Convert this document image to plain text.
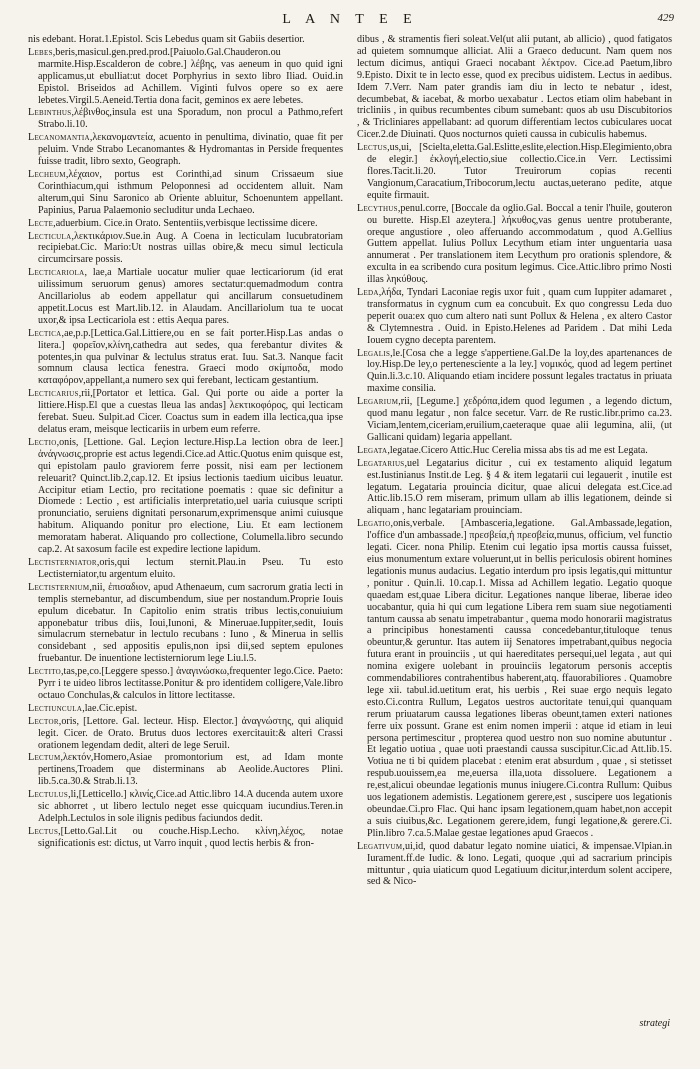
L A N T E E	429

nis edebant. Horat.1.Epistol. Scis Lebedus quam sit Gabiis desertior.

Lebes,beris,masicul.gen.pred.prod.[Paiuolo.Gal.Chauderon.ou marmite.Hisp.Escalderon de cobre.] λέβης, vas aeneum in quo quid igni applicamus,ut ebulliat:ut docet Porphyrius in sexto libro Iliad. Ouid.in Epistol. Briseidos ad Achillem. Viginti fulvos opere so ex aere lebetes.Virgil.5.Aeneid.Tertia dona facit, geminos ex aere lebetes.

Lebinthus,λέβινθος,insula est una Sporadum, non procul a Pathmo,refert Strabo.li.10.

Lecanomantia,λεκανομαντεία, acuento in penultima, divinatio, quae fit per peluim. Vnde Strabo Lecanomantes & Hydromantas in Perside frequentes fuisse tradit, libro sexto, Geograph.

Lecheum,λέχαιον, portus est Corinthi,ad sinum Crissaeum siue Corinthiacum,qui isthmum Peloponnesi ad occidentem alluit. Nam alterum,qui Sinu Saronico ab Oriente abluitur, Schoenuntem appellant. Papinius, Parua Palaemonio secluditur unda Lechaeo.

Lecte,aduerbium. Cice.in Orato. Sententiis,verbisque lectissime dicere.

Lecticula,λεκτικάριον.Sue.in Aug. A Coena in lecticulam lucubratoriam recipiebat.Cic. Mario:Ut nostras uillas obire,& mecu simul lecticula circumcirsare possis.

Lecticariola, lae,a Martiale uocatur mulier quae lecticariorum (id erat uilissimum seruorum genus) amores sectatur:quemadmodum contra Ancillariolus ab eodem appellatur qui ancillarum consuetudinem appetit.Locus est Mart.lib.12. in Alaudam. Ancillariolum tua te uocat uxor,& ipsa Lecticariola est : ettis Aequa pares.

Lectica,ae,p.p.[Lettica.Gal.Littiere,ou en se fait porter.Hisp.Las andas o litera.] φορεῖον,κλίνη,cathedra aut sedes, qua ferebantur divites & potentes,in qua pulvinar & lectulus stratus erat. Iuu. Sat.3. Nanque facit somnum clausa lectica fenestra. Graeci modo σκίμποδα, modo καταφόρον,appellant,a numero sex qui ferebant, lecticam gestantium.

Lecticarius,rii,[Portator et lettica. Gal. Qui porte ou aide a porter la littiere.Hisp.El que a cuestas lleua las andas] λεκτικοφόρος, qui lecticam ferebat. Sueu. Sulpit.ad Cicer. Coactus sum in eadem illa lectica,qua ipse delatus eram, meisque lecticariis in urbem eum referre.

Lectio,onis, [Lettione. Gal. Leçion lecture.Hisp.La lection obra de leer.] ἀνάγνωσις,proprie est actus legendi.Cice.ad Attic.Quotus enim quisque est, qui epistolam paulo graviorem ferre possit, nisi eam per lectionem releuarit? Quinct.lib.2,cap.12. Et ipsius lectionis taedium uicibus leuatur. Accipitur etiam Lectio, pro recitatione poematis : quae sic definitur a Diomede : Lectio , est artificialis interpretatio,uel uaria cuiusque scripti pronunciatio, seruiens dignitati personarum,exprimensque animi cuiusque habitum. Aliquando ponitur pro electione, Liu. Et eam lectionem memoratam haberat. Aliquando pro collectione, Columella.libro secundo cap.2. At saxosum facile est expedire lectione lapidum.

Lectisterniator,oris,qui lectum sternit.Plau.in Pseu. Tu esto Lectisterniator,tu argentum eluito.

Lectisternium,nii, ἐπισαδιον, apud Athenaeum, cum sacrorum gratia lecti in templis sternebantur, ad discumbendum, siue per nostandum.Proprie Iouis epulum dicebatur. In Capitolio enim stratis tribus lectis,conuiuium apponebatur tribus diis, Ioui,Iunoni, & Mineruae.Iuppiter,sedit, Iouis simulacrum sternebatur in lectulo recubans : Iuno , & Minerua in sellis considebant , sed appositis epulis,non ipsi dii,sed septem epulones fruebantur. De inuentione lectisterniorum lege Liu.l.5.

Lectito,tas,pe,co.[Leggere spesso.] ἀναγινώσκω,frequenter lego.Cice. Paeto: Pyrr i te uideo libros lectitasse.Ponitur & pro identidem colligere,Vale.libro octauo Conchulas,& calculos in littore lectitasse.

Lectiuncula,lae.Cic.epist.

Lector,oris, [Lettore. Gal. lecteur. Hisp. Elector.] ἀναγνώστης, qui aliquid legit. Cicer. de Orato. Brutus duos lectores exercitauit:& alteri Crassi orationem legendam dedit, alteri de lege Seruil.

Lectum,λεκτόν,Homero,Asiae promontorium est, ad Idam monte pertinens,Troadem que disterminans ab Aeolide.Auctores Plini. lib.5.ca.30.& Strab.li.13.

Lectulus,li,[Letticello.] κλινίς,Cice.ad Attic.libro 14.A ducenda autem uxore sic abhorret , ut libero lectulo neget esse quicquam iucundius.Teren.in Adelph.Lectulos in sole ilignis pedibus faciundos dedit.

Lectus,[Letto.Gal.Lit ou couche.Hisp.Lecho. κλίνη,λέχος, notae significationis est: dictus, ut Varro inquit , quod lectis herbis & fron-

dibus , & stramentis fieri soleat.Vel(ut alii putant, ab allicio) , quod fatigatos ad quietem somnumque alliciat. Alii a Graeco deducunt. Nam quem nos lectum dicimus, antiqui Graeci nocabant λέκτρον. Cice.ad Paetum,libro 9.Episto. Dixit te in lecto esse, quod ex precibus uidistem. Lectus in aedibus. Idem 7.Verr. Nam pater grandis iam diu in lecto te nebatur , idest, decumbebat, & iacebat, & morbo uexabatur . Lectos etiam olim habebant in tricliniis , in quibus recumbentes cibum sumebant: quos ab usu Discubitorios , & Tricliniares appellabant: ad quorum differentiam lectos cubiculares uocat Cicer.2.de Diuinati. Quos nocturnos quieti caussa in cubiculis habemus.

Lectus,us,ui, [Scielta,eletta.Gal.Eslitte,eslite,election.Hisp.Elegimiento,obra de elegir.] ἐκλογή,electio,siue collectio.Cice.in Verr. Lectissimi flores.Tacit.li.20. Tutor Treuirorum copias recenti Vangionum,Caracatium,Tribocorum,lectu auctas,ueterano pedite, atque equite firmauit.

Lecythus,penul.corre, [Boccale da oglio.Gal. Boccal a tenir l'huile, gouteron ou burette. Hisp.El azeytera.] λήκυθος,vas genus uentre protuberante, oreque angustiore , oleo afferuando accommodatum , quod A.Gellius Guttem appellat. Iulius Pollux Lecythum etiam inter unguentaria uasa annumerat . Per translationem item Lecythum pro orationis splendore, & exculta in ea scribendo cura positum legimus. Cice.Attic.libro primo Nosti illas ληκύθους.

Leda,λήδα, Tyndari Laconiae regis uxor fuit , quam cum Iuppiter adamaret , transformatus in cygnum cum ea concubuit. Ex quo congressu Leda duo peperit oua:ex quo cum altero nati sunt Pollux & Helena , ex altero Castor & Clytemnestra . Ouid. in Episto.Helenes ad Paridem . Dat mihi Leda Iouem cygno decepta parentem.

Legalis,le.[Cosa che a legge s'appertiene.Gal.De la loy,des apartenances de loy.Hisp.De ley,o pertenesciente a la ley.] νομικός, quod ad legem pertinet Quin.li.3.c.10. Aliquando etiam incidere possunt legales tractatus in priuata maxime consilia.

Legarium,rii, [Legume.] χεδρόπα,idem quod legumen , a legendo dictum, quod manu legatur , non falce secetur. Varr. de Re rustic.libr.primo ca.23. Viciam,lentem,ciceriam,eruilium,caeteraque quae alii legumina, alii, (ut Gallicani quidam) legaria appellant.

Legata,legatae.Cicero Attic.Huc Cerelia missa abs tis ad me est Legata.

Legatarius,uel Legatarius dicitur , cui ex testamento aliquid legatum est.Iustinianus Instit.de Leg. § 4 & item legatarii cui legauerit , inutile est legatum. Legataria prouincia dicitur, quae alicui delegata est.Cice.ad Attic.lib.15.O rem miseram, primum ullam ab illis legationem, deinde si aliquam , hanc legatariam prouinciam.

Legatio,onis,verbale. [Ambasceria,legatione. Gal.Ambassade,legation, l'office d'un ambassade.] πρεσβεία,ἡ πρεσβεία,munus, officium, vel functio legati. Cicer. nona Philip. Etenim cui legatio ipsa mortis caussa fuisset, eius monumentum extare voluerunt,ut in bellis periculosis obirent homines legationis munus audacius. Legatio interdum pro ipsis legatis,qui mittuntur , ponitur . Quin.li. 10.cap.1. Missa ad Achillem legatio. Legatio quoque quaedam est,quae Libera dicitur. Legationes nanque liberae, liberae ideo uocabantur, quia hi qui cum legatione Libera rem suam siue negotiamenti tantum caussa ab senatu impetrabantur , quema modo honorarii magistratus a principibus honestamenti caussa concedebantur,tituloque tenus obeuntur,& geruntur. Itas autem iij Senatores impetrabant,quibus negocia futura erant in prouinciis , ut qui haereditates persequi,uel legata , aut qui nomina exigere uolebant in prouinciis legatorum personis acceptis commendabiliores contrahentibus haberent,atq. ffauorabiliores . Quamobre lege xii. tabul.id.uetitum erat, his uerbis , Rei suae ergo nequis legato esto.Ci.contra Rullum, Legatos uestros auctoritate tenui,qui quanquam rerum priuatarum caussa legationes liberas obeunt,tamen exteri nationes ferre uix possunt. Grane est enim nomen imperii : atque id etiam in leui persona pertimescitur , propterea quod uestro non suo nomine abutuntur . Et legatio uotiua , quae uoti praestandi caussa suscipitur.Cic.ad Att.lib.15. Votiua ne ti bi quidem placebat : etenim erat absurdum , quae , si stetisset respub.uouissem,ea me,euersa illa,uota dissoluere. Legationem a re,est,alicui obeundae legationis munus iniugere.Ci.contra Rullum: Quibus uos legationem ademistis. Legationem gerere,est , suscipere uos legationis obeundae.Ci.pro Flac. Qui hanc ipsam legationem,quam habet,non accepit a suis ciuibus,&c. Legationem gerere,idem, fungi legatione,& gerere.Ci. Plin.libro 7.ca.5.Malae gestae legationes apud Graecos .

Legativum,ui,id, quod dabatur legato nomine uiatici, & impensae.Vlpian.in Iurament.ff.de Iudic. & lono. Legati, quoque ,qui ad sacrarium principis mittuntur , quia uiaticum quod Legatiuum dicitur,interdum solent accipere, sed & Nico-

strategi
